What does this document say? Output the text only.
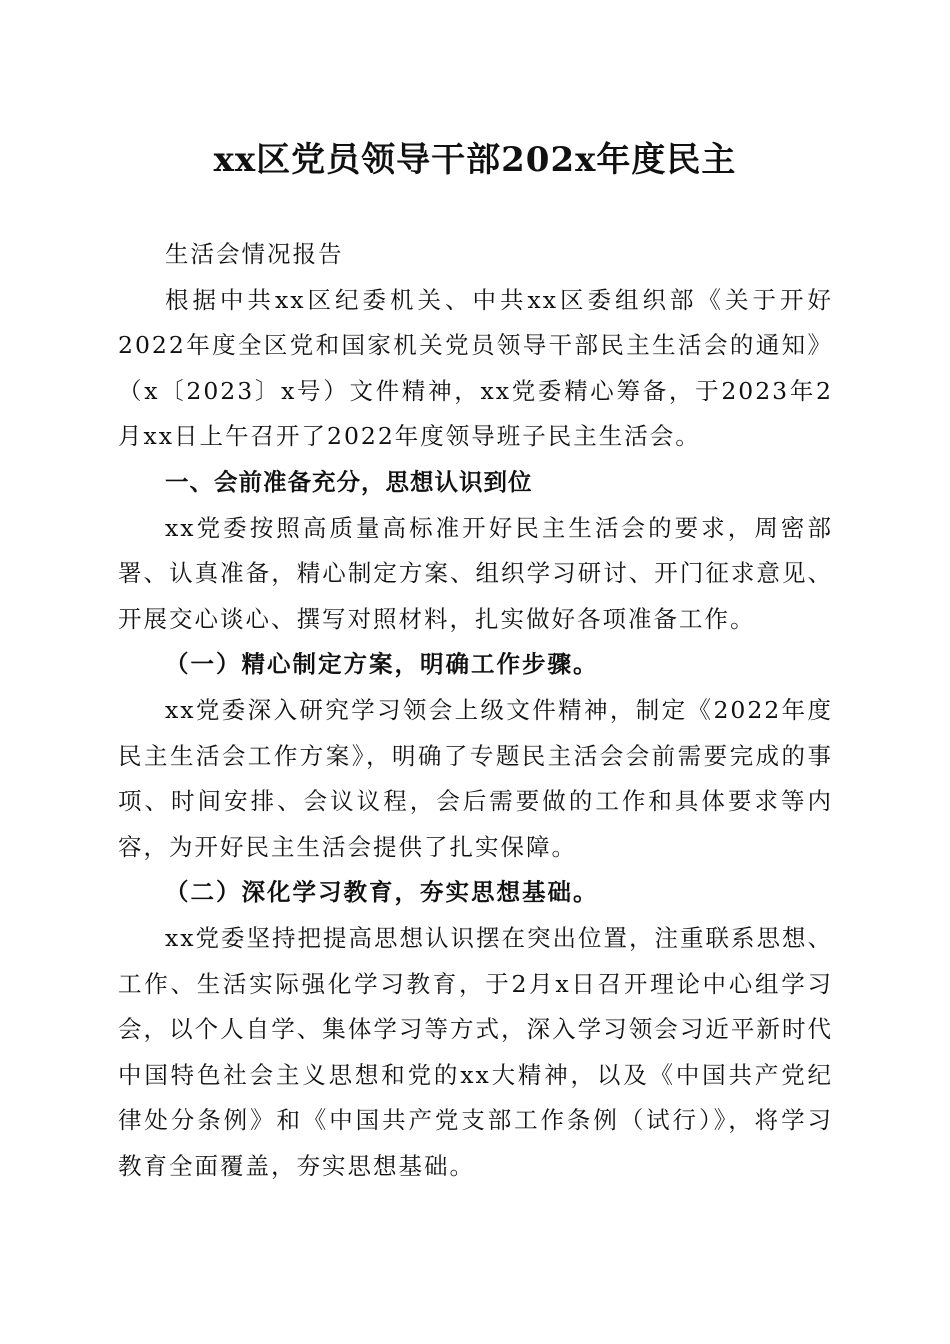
xx区党员领导干部202x年度民主

生活会情况报告

根据中共xx区纪委机关、中共xx区委组织部《关于开好2022年度全区党和国家机关党员领导干部民主生活会的通知》（x〔2023〕x号）文件精神，xx党委精心筹备，于2023年2月xx日上午召开了2022年度领导班子民主生活会。

一、会前准备充分，思想认识到位

xx党委按照高质量高标准开好民主生活会的要求，周密部署、认真准备，精心制定方案、组织学习研讨、开门征求意见、开展交心谈心、撰写对照材料，扎实做好各项准备工作。

（一）精心制定方案，明确工作步骤。

xx党委深入研究学习领会上级文件精神，制定《2022年度民主生活会工作方案》，明确了专题民主活会会前需要完成的事项、时间安排、会议议程，会后需要做的工作和具体要求等内容，为开好民主生活会提供了扎实保障。

（二）深化学习教育，夯实思想基础。

xx党委坚持把提高思想认识摆在突出位置，注重联系思想、工作、生活实际强化学习教育，于2月x日召开理论中心组学习会，以个人自学、集体学习等方式，深入学习领会习近平新时代中国特色社会主义思想和党的xx大精神，以及《中国共产党纪律处分条例》和《中国共产党支部工作条例（试行）》，将学习教育全面覆盖，夯实思想基础。
